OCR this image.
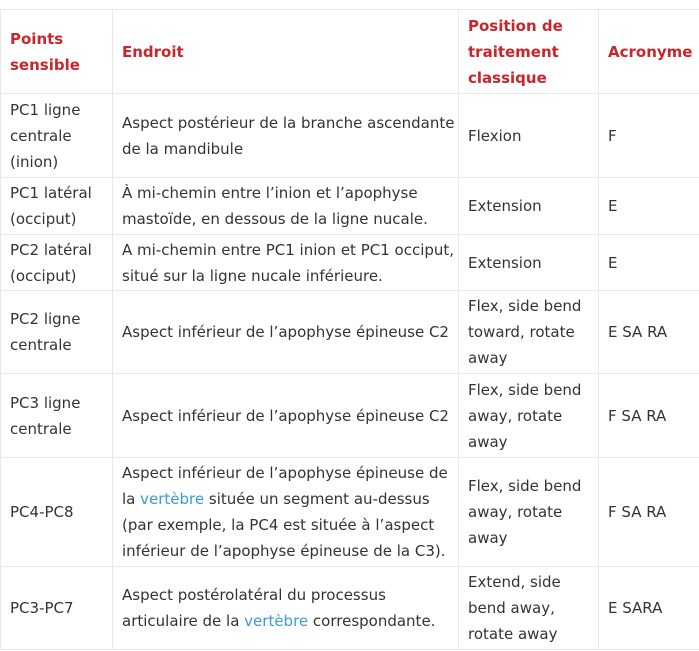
Points sensible	Endroit	Position de traitement classique	Acronyme
PC1 ligne centrale (inion)	Aspect postérieur de la branche ascendante de la mandibule	Flexion	F
PC1 latéral (occiput)	À mi-chemin entre l’inion et l’apophyse mastoïde, en dessous de la ligne nucale.	Extension	E
PC2 latéral (occiput)	A mi-chemin entre PC1 inion et PC1 occiput, situé sur la ligne nucale inférieure.	Extension	E
PC2 ligne centrale	Aspect inférieur de l’apophyse épineuse C2	Flex, side bend toward, rotate away	E SA RA
PC3 ligne centrale	Aspect inférieur de l’apophyse épineuse C2	Flex, side bend away, rotate away	F SA RA
PC4-PC8	Aspect inférieur de l’apophyse épineuse de la vertèbre située un segment au-dessus (par exemple, la PC4 est située à l’aspect inférieur de l’apophyse épineuse de la C3).	Flex, side bend away, rotate away	F SA RA
PC3-PC7	Aspect postérolatéral du processus articulaire de la vertèbre correspondante.	Extend, side bend away, rotate away	E SARA
